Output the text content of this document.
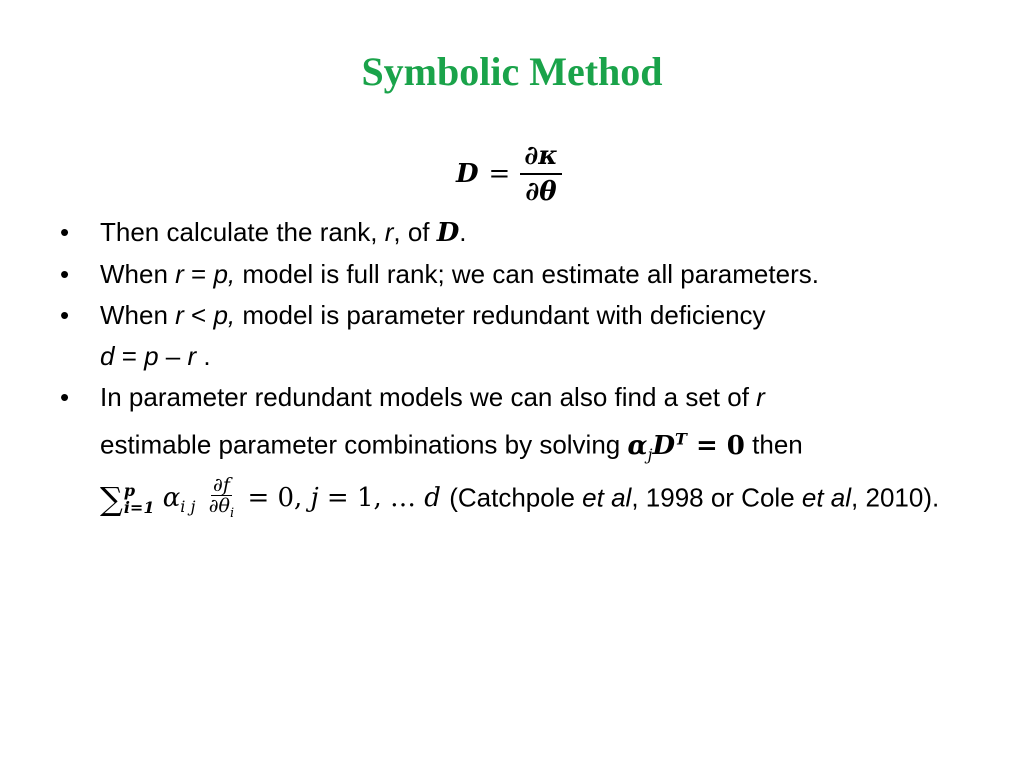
Symbolic Method
$D = \frac{\partial\kappa}{\partial\theta}$
• Then calculate the rank, r, of D.
• When r = p, model is full rank; we can estimate all parameters.
• When r < p, model is parameter redundant with deficiency
d = p – r .
• In parameter redundant models we can also find a set of r
estimable parameter combinations by solving $\alpha_jD^T = 0$ then

∑ p
i=1 $\alpha_{i j} \frac{\partial f}{\partial\theta_i} = 0$, j = 1, … d (Catchpole et al, 1998 or Cole et al, 2010).
